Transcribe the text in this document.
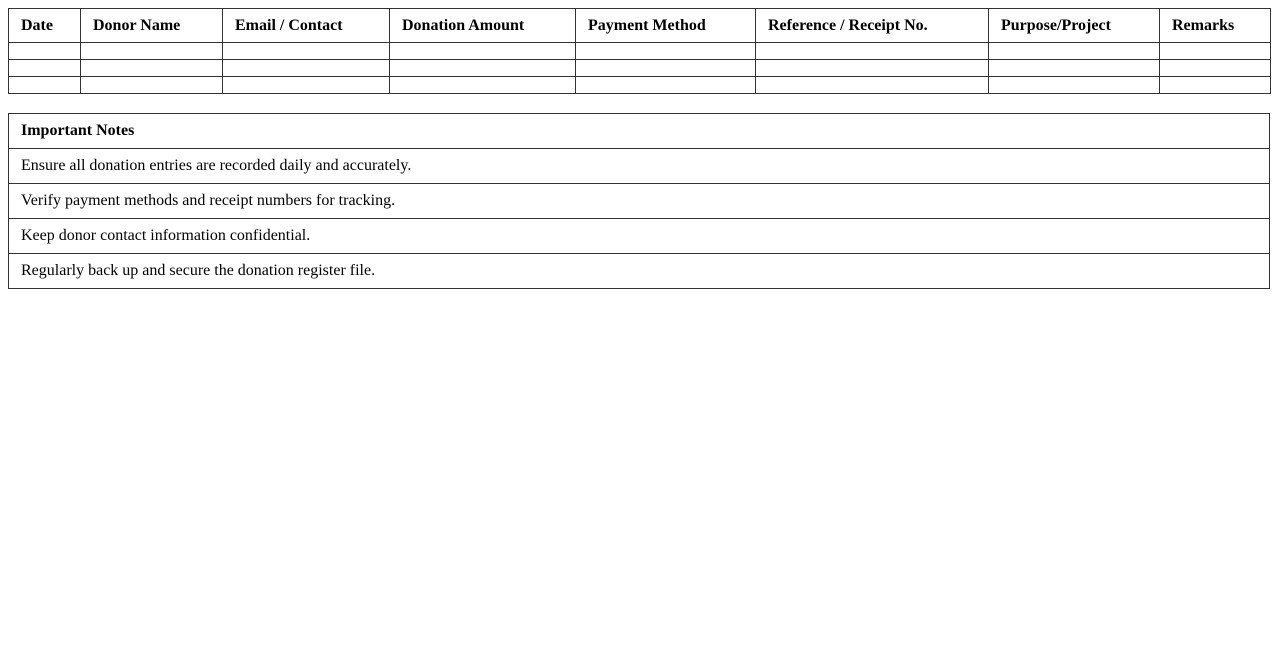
Date	Donor Name	Email / Contact	Donation Amount	Payment Method	Reference / Receipt No.	Purpose/Project	Remarks

Important Notes
Ensure all donation entries are recorded daily and accurately.
Verify payment methods and receipt numbers for tracking.
Keep donor contact information confidential.
Regularly back up and secure the donation register file.
